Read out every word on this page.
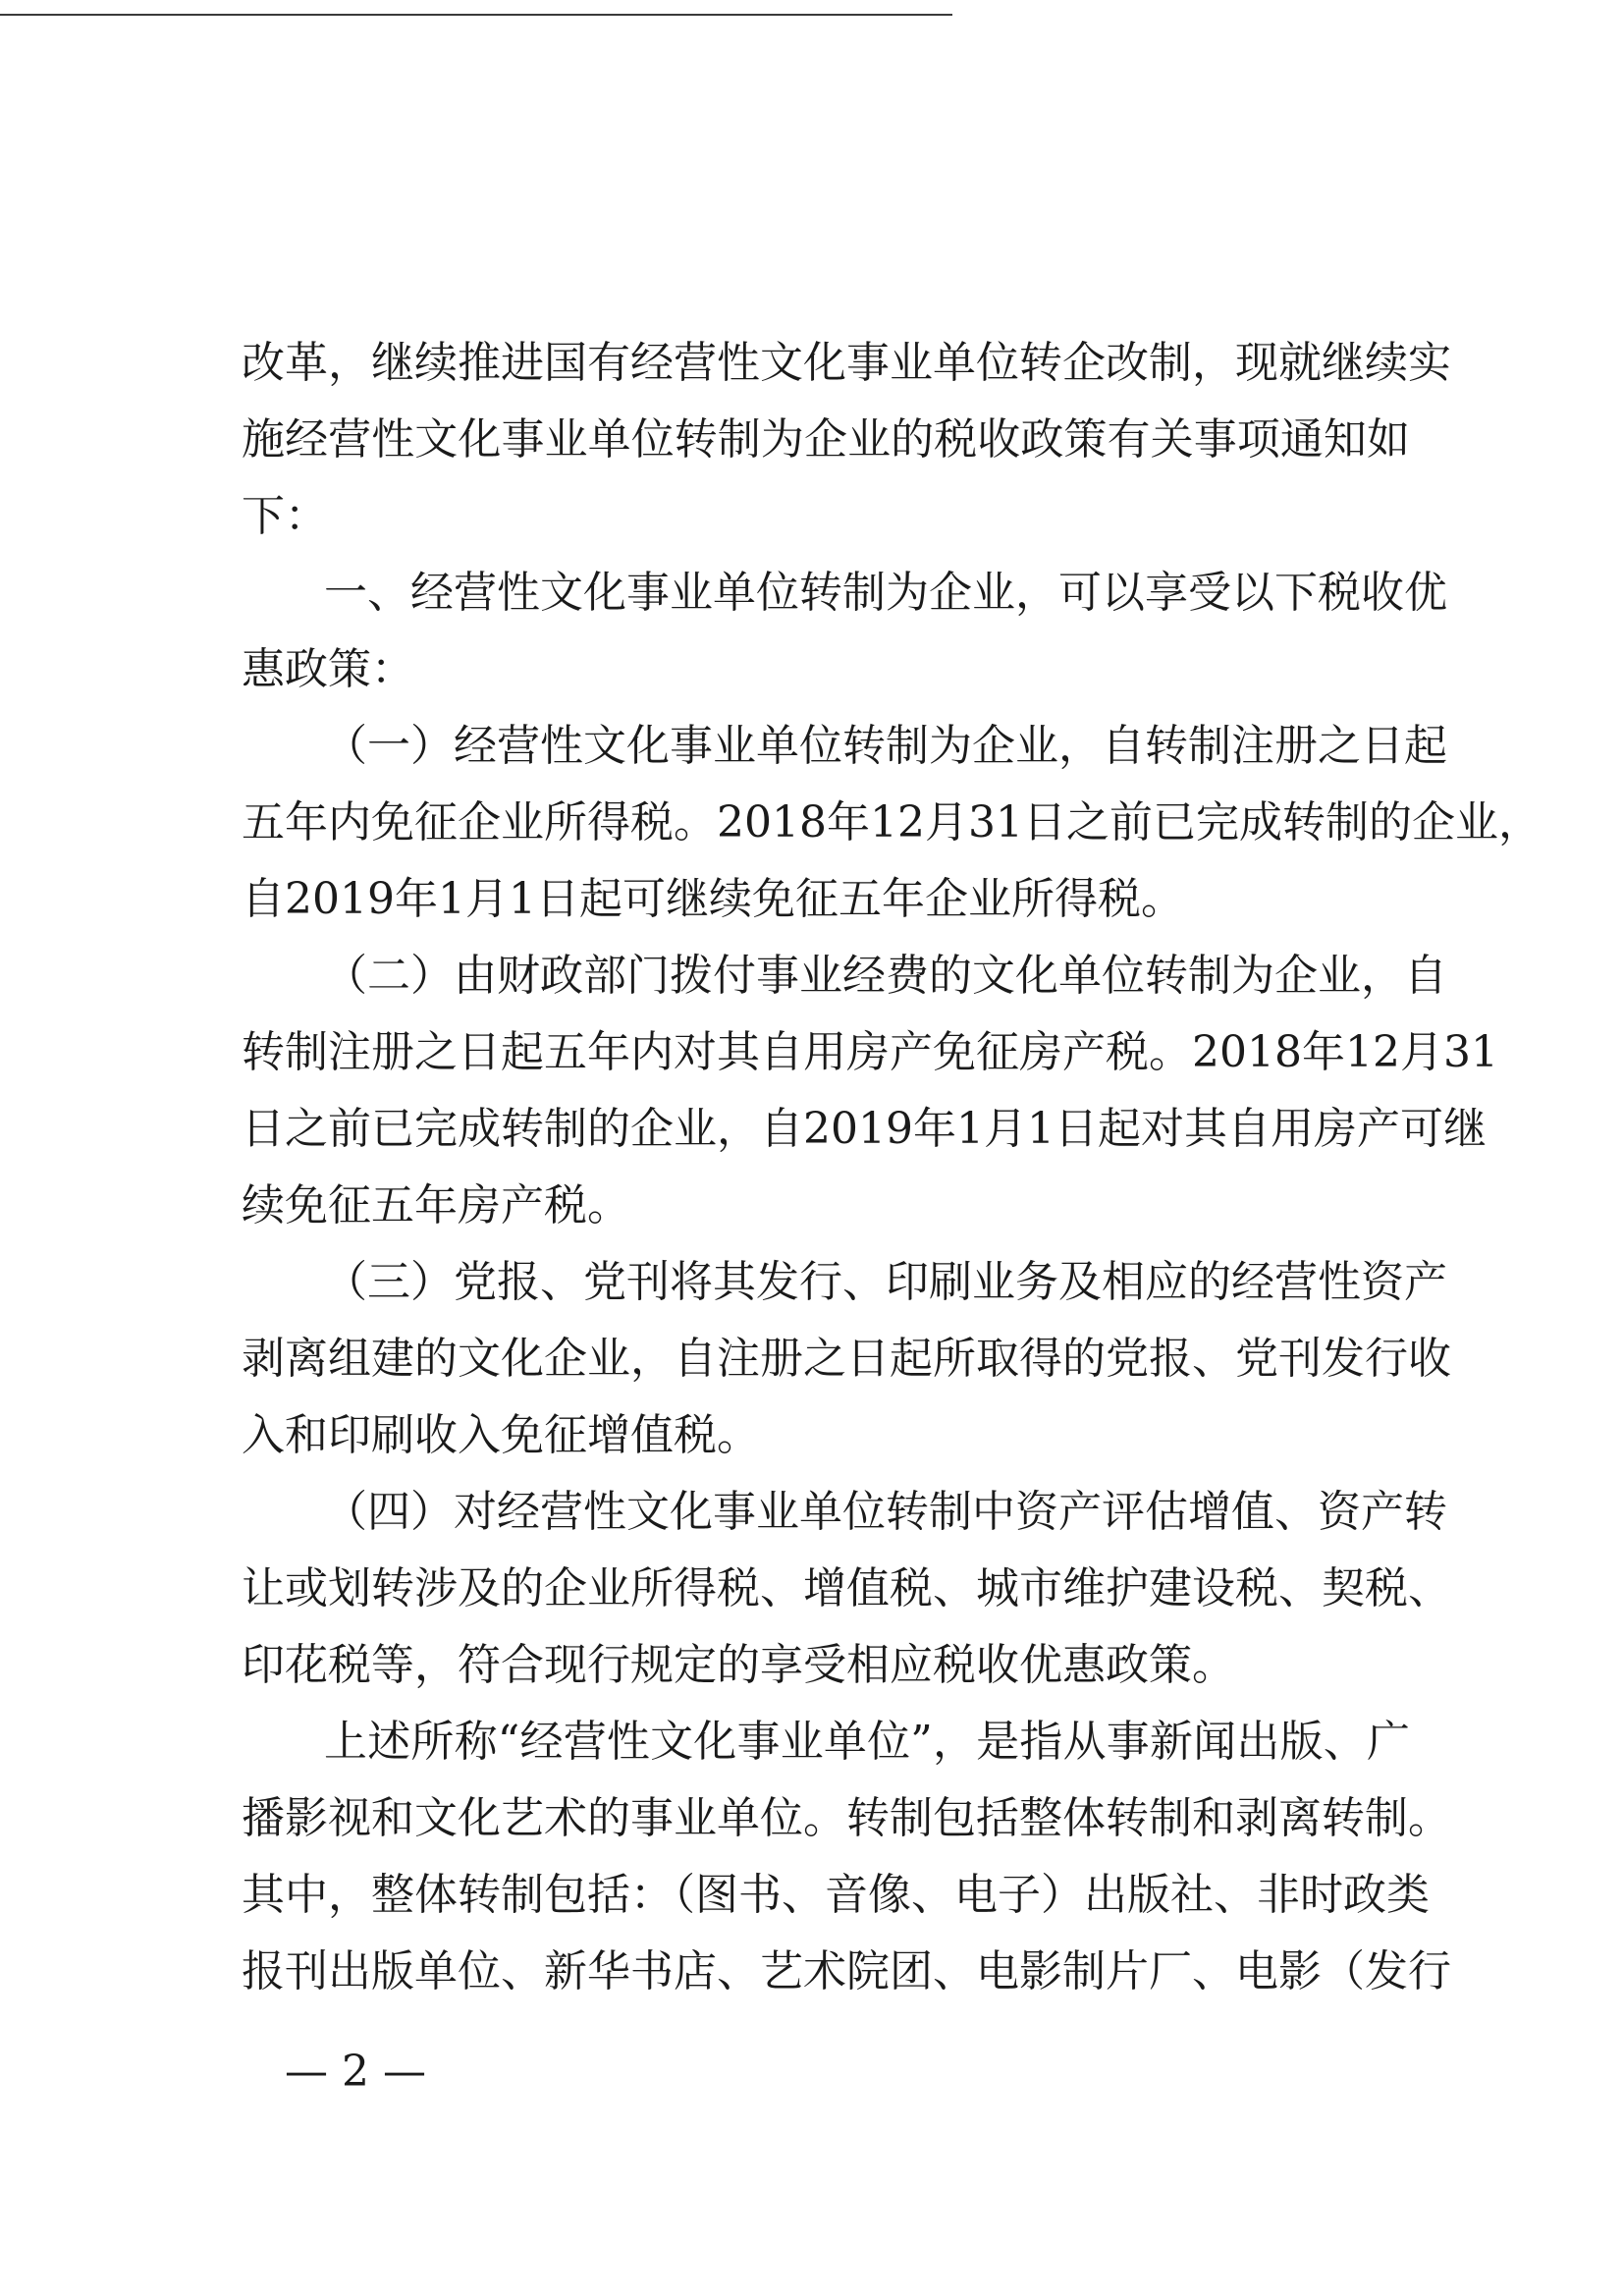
改革，继续推进国有经营性文化事业单位转企改制，现就继续实
施经营性文化事业单位转制为企业的税收政策有关事项通知如
下：
一、经营性文化事业单位转制为企业，可以享受以下税收优
惠政策：
（一）经营性文化事业单位转制为企业，自转制注册之日起
五年内免征企业所得税。2018年12月31日之前已完成转制的企业，
自2019年1月1日起可继续免征五年企业所得税。
（二）由财政部门拨付事业经费的文化单位转制为企业，自
转制注册之日起五年内对其自用房产免征房产税。2018年12月31
日之前已完成转制的企业，自2019年1月1日起对其自用房产可继
续免征五年房产税。
（三）党报、党刊将其发行、印刷业务及相应的经营性资产
剥离组建的文化企业，自注册之日起所取得的党报、党刊发行收
入和印刷收入免征增值税。
（四）对经营性文化事业单位转制中资产评估增值、资产转
让或划转涉及的企业所得税、增值税、城市维护建设税、契税、
印花税等，符合现行规定的享受相应税收优惠政策。
上述所称“经营性文化事业单位”，是指从事新闻出版、广
播影视和文化艺术的事业单位。转制包括整体转制和剥离转制。
其中，整体转制包括：（图书、音像、电子）出版社、非时政类
报刊出版单位、新华书店、艺术院团、电影制片厂、电影（发行
— 2 —
